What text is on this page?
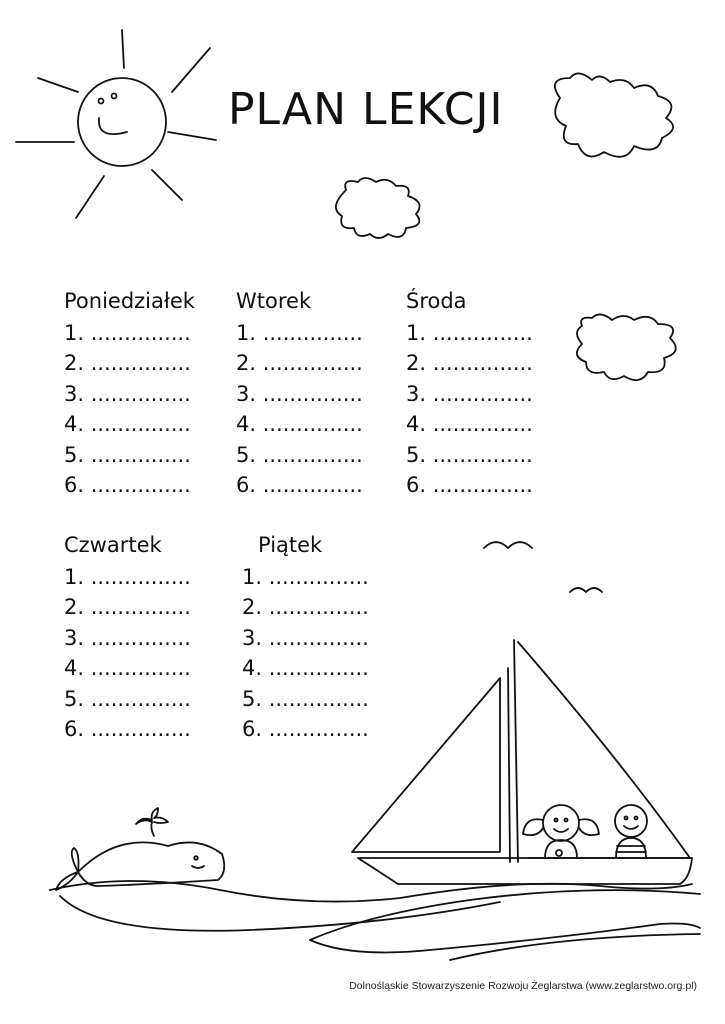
PLAN LEKCJI
Poniedziałek
1. ...............
2. ...............
3. ...............
4. ...............
5. ...............
6. ...............
Wtorek
1. ...............
2. ...............
3. ...............
4. ...............
5. ...............
6. ...............
Środa
1. ...............
2. ...............
3. ...............
4. ...............
5. ...............
6. ...............
Czwartek
1. ...............
2. ...............
3. ...............
4. ...............
5. ...............
6. ...............
Piątek
1. ...............
2. ...............
3. ...............
4. ...............
5. ...............
6. ...............
Dolnośląskie Stowarzyszenie Rozwoju Żeglarstwa (www.zeglarstwo.org.pl)
